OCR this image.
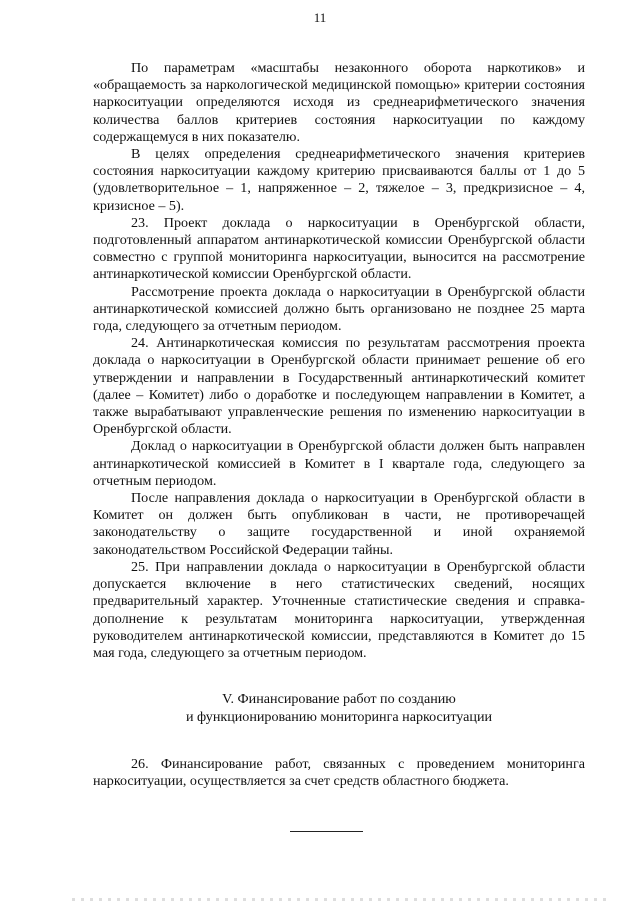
11

По параметрам «масштабы незаконного оборота наркотиков» и «обращаемость за наркологической медицинской помощью» критерии состояния наркоситуации определяются исходя из среднеарифметического значения количества баллов критериев состояния наркоситуации по каждому содержащемуся в них показателю.

В целях определения среднеарифметического значения критериев состояния наркоситуации каждому критерию присваиваются баллы от 1 до 5 (удовлетворительное – 1, напряженное – 2, тяжелое – 3, предкризисное – 4, кризисное – 5).

23. Проект доклада о наркоситуации в Оренбургской области, подготовленный аппаратом антинаркотической комиссии Оренбургской области совместно с группой мониторинга наркоситуации, выносится на рассмотрение антинаркотической комиссии Оренбургской области.

Рассмотрение проекта доклада о наркоситуации в Оренбургской области антинаркотической комиссией должно быть организовано не позднее 25 марта года, следующего за отчетным периодом.

24. Антинаркотическая комиссия по результатам рассмотрения проекта доклада о наркоситуации в Оренбургской области принимает решение об его утверждении и направлении в Государственный антинаркотический комитет (далее – Комитет) либо о доработке и последующем направлении в Комитет, а также вырабатывают управленческие решения по изменению наркоситуации в Оренбургской области.

Доклад о наркоситуации в Оренбургской области должен быть направлен антинаркотической комиссией в Комитет в I квартале года, следующего за отчетным периодом.

После направления доклада о наркоситуации в Оренбургской области в Комитет он должен быть опубликован в части, не противоречащей законодательству о защите государственной и иной охраняемой законодательством Российской Федерации тайны.

25. При направлении доклада о наркоситуации в Оренбургской области допускается включение в него статистических сведений, носящих предварительный характер. Уточненные статистические сведения и справка-дополнение к результатам мониторинга наркоситуации, утвержденная руководителем антинаркотической комиссии, представляются в Комитет до 15 мая года, следующего за отчетным периодом.

V. Финансирование работ по созданию
и функционированию мониторинга наркоситуации

26. Финансирование работ, связанных с проведением мониторинга наркоситуации, осуществляется за счет средств областного бюджета.
